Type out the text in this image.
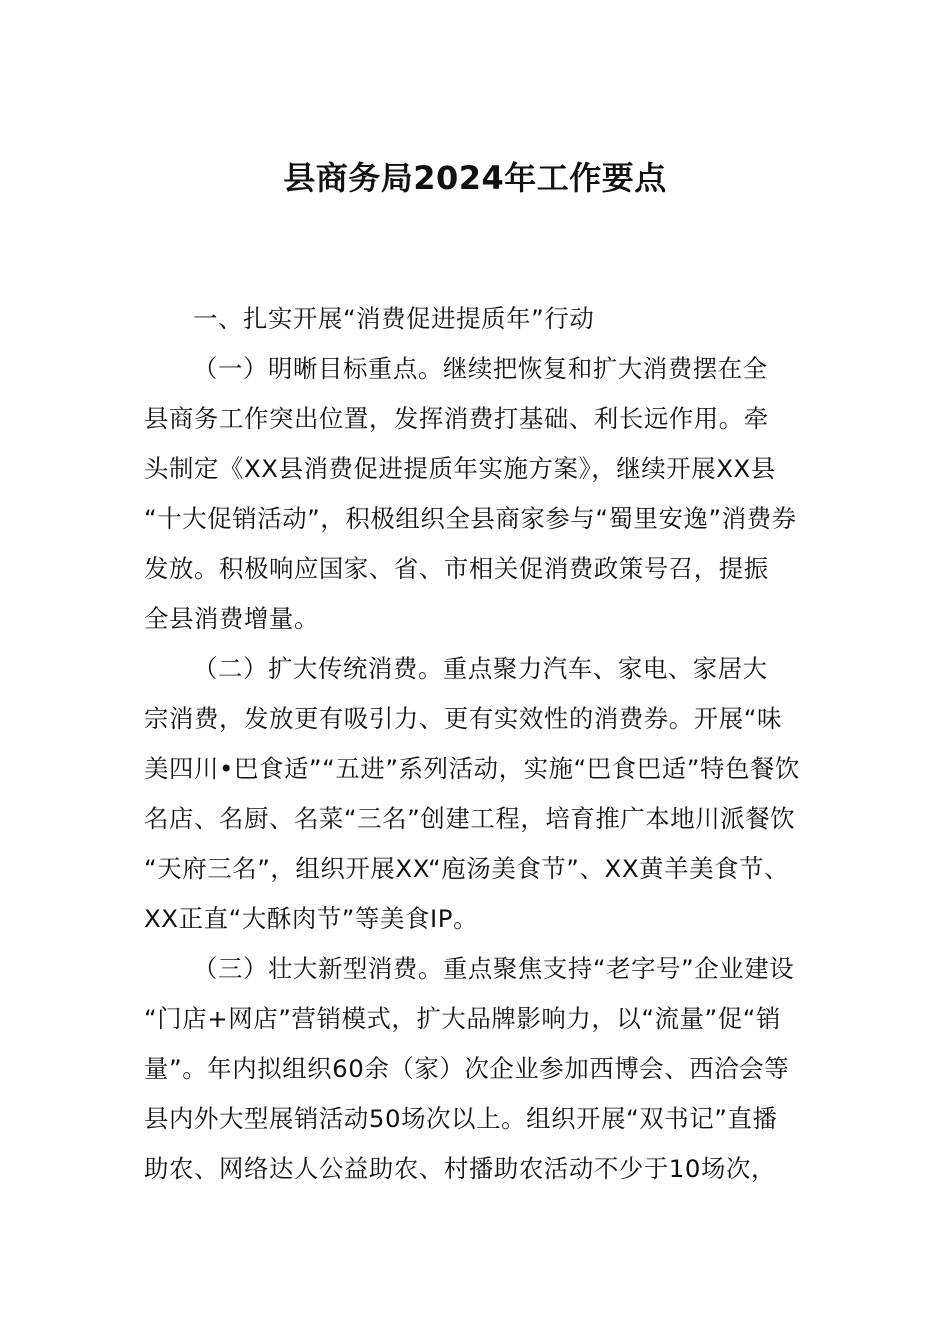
县商务局2024年工作要点
一、扎实开展“消费促进提质年”行动
（一）明晰目标重点。继续把恢复和扩大消费摆在全
县商务工作突出位置，发挥消费打基础、利长远作用。牵
头制定《XX县消费促进提质年实施方案》，继续开展XX县
“十大促销活动”，积极组织全县商家参与“蜀里安逸”消费券
发放。积极响应国家、省、市相关促消费政策号召，提振
全县消费增量。
（二）扩大传统消费。重点聚力汽车、家电、家居大
宗消费，发放更有吸引力、更有实效性的消费券。开展“味
美四川•巴食适”“五进”系列活动，实施“巴食巴适”特色餐饮
名店、名厨、名菜“三名”创建工程，培育推广本地川派餐饮
“天府三名”，组织开展XX“庖汤美食节”、XX黄羊美食节、
XX正直“大酥肉节”等美食IP。
（三）壮大新型消费。重点聚焦支持“老字号”企业建设
“门店+网店”营销模式，扩大品牌影响力，以“流量”促“销
量”。年内拟组织60余（家）次企业参加西博会、西洽会等
县内外大型展销活动50场次以上。组织开展“双书记”直播
助农、网络达人公益助农、村播助农活动不少于10场次，
